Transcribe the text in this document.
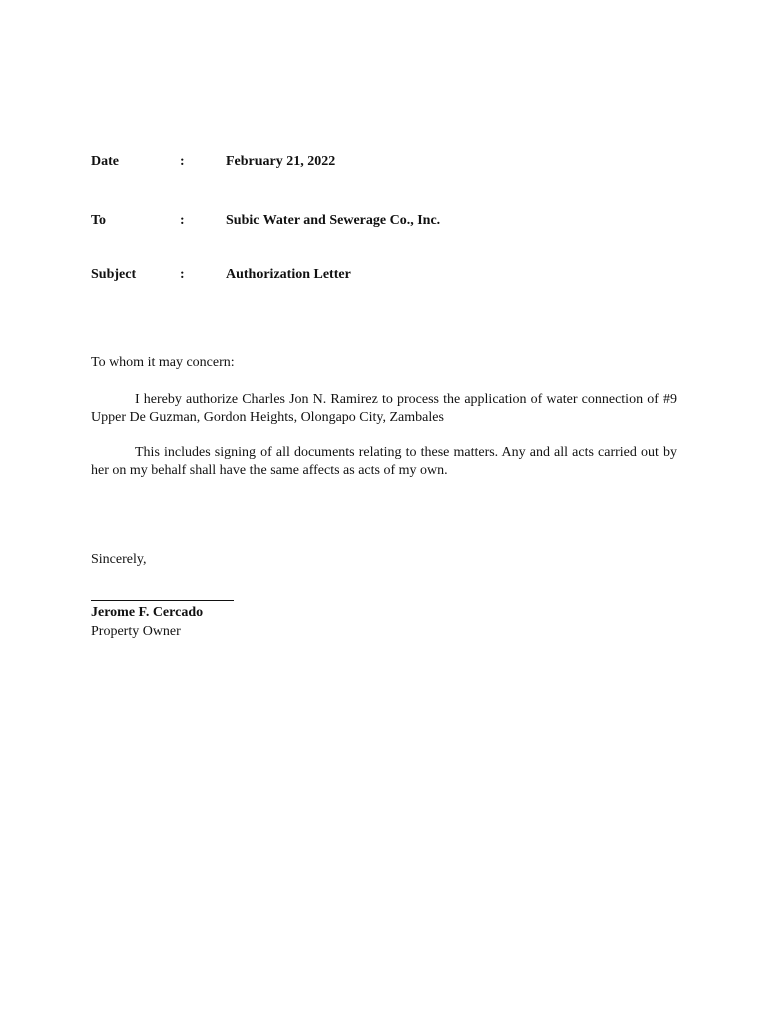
Date	:	February 21, 2022
To	:	Subic Water and Sewerage Co., Inc.
Subject	:	Authorization Letter
To whom it may concern:

I hereby authorize Charles Jon N. Ramirez to process the application of water connection of #9 Upper De Guzman, Gordon Heights, Olongapo City, Zambales

This includes signing of all documents relating to these matters. Any and all acts carried out by her on my behalf shall have the same affects as acts of my own.

Sincerely,
Jerome F. Cercado
Property Owner
